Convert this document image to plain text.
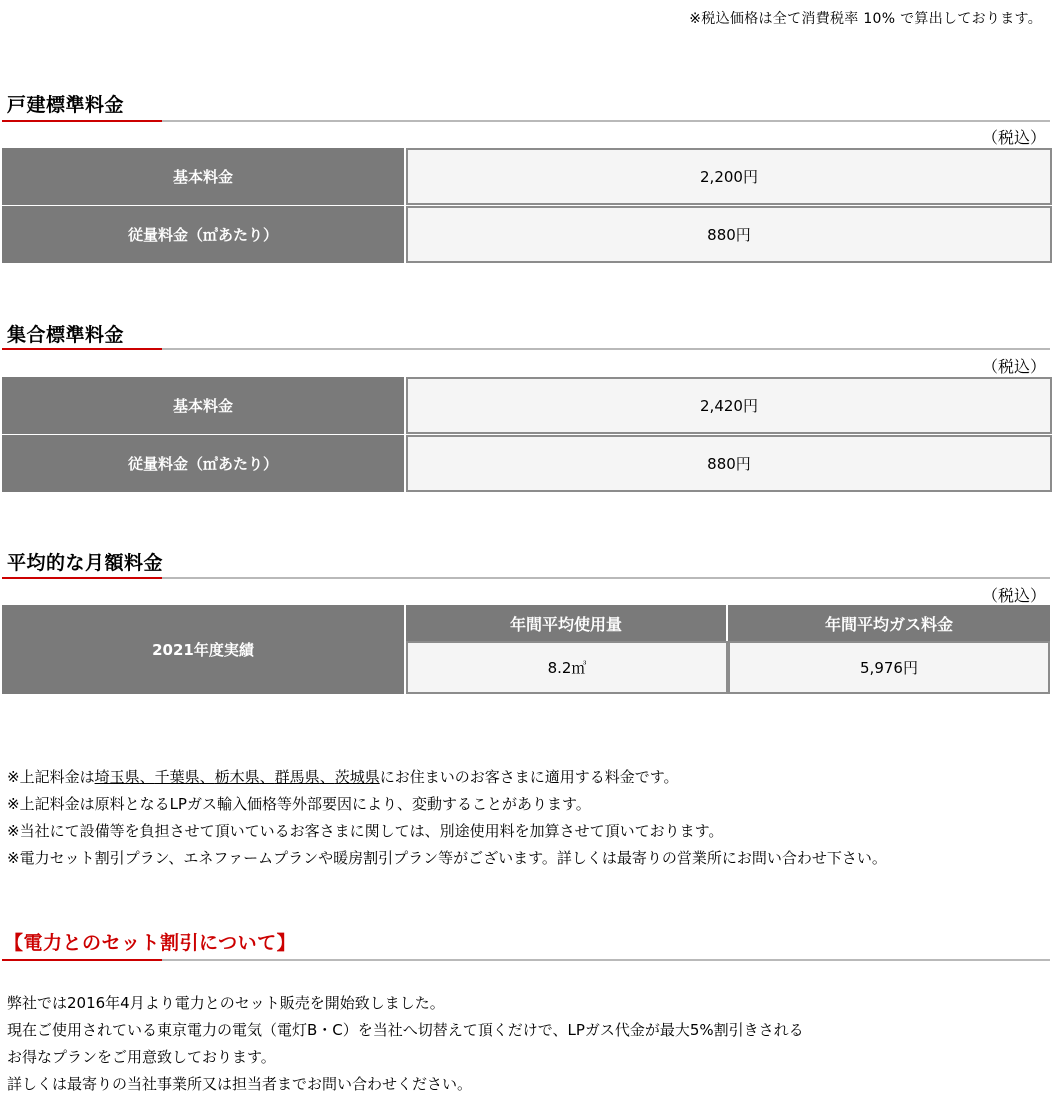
※税込価格は全て消費税率 10% で算出しております。
戸建標準料金
（税込）
基本料金	2,200円
従量料金（㎥あたり）	880円
集合標準料金
（税込）
基本料金	2,420円
従量料金（㎥あたり）	880円
平均的な月額料金
（税込）
2021年度実績
年間平均使用量	年間平均ガス料金
8.2㎥	5,976円
※上記料金は埼玉県、千葉県、栃木県、群馬県、茨城県にお住まいのお客さまに適用する料金です。
※上記料金は原料となるLPガス輸入価格等外部要因により、変動することがあります。
※当社にて設備等を負担させて頂いているお客さまに関しては、別途使用料を加算させて頂いております。
※電力セット割引プラン、エネファームプランや暖房割引プラン等がございます。詳しくは最寄りの営業所にお問い合わせ下さい。
【電力とのセット割引について】
弊社では2016年4月より電力とのセット販売を開始致しました。
現在ご使用されている東京電力の電気（電灯B・C）を当社へ切替えて頂くだけで、LPガス代金が最大5%割引きされる
お得なプランをご用意致しております。
詳しくは最寄りの当社事業所又は担当者までお問い合わせください。
